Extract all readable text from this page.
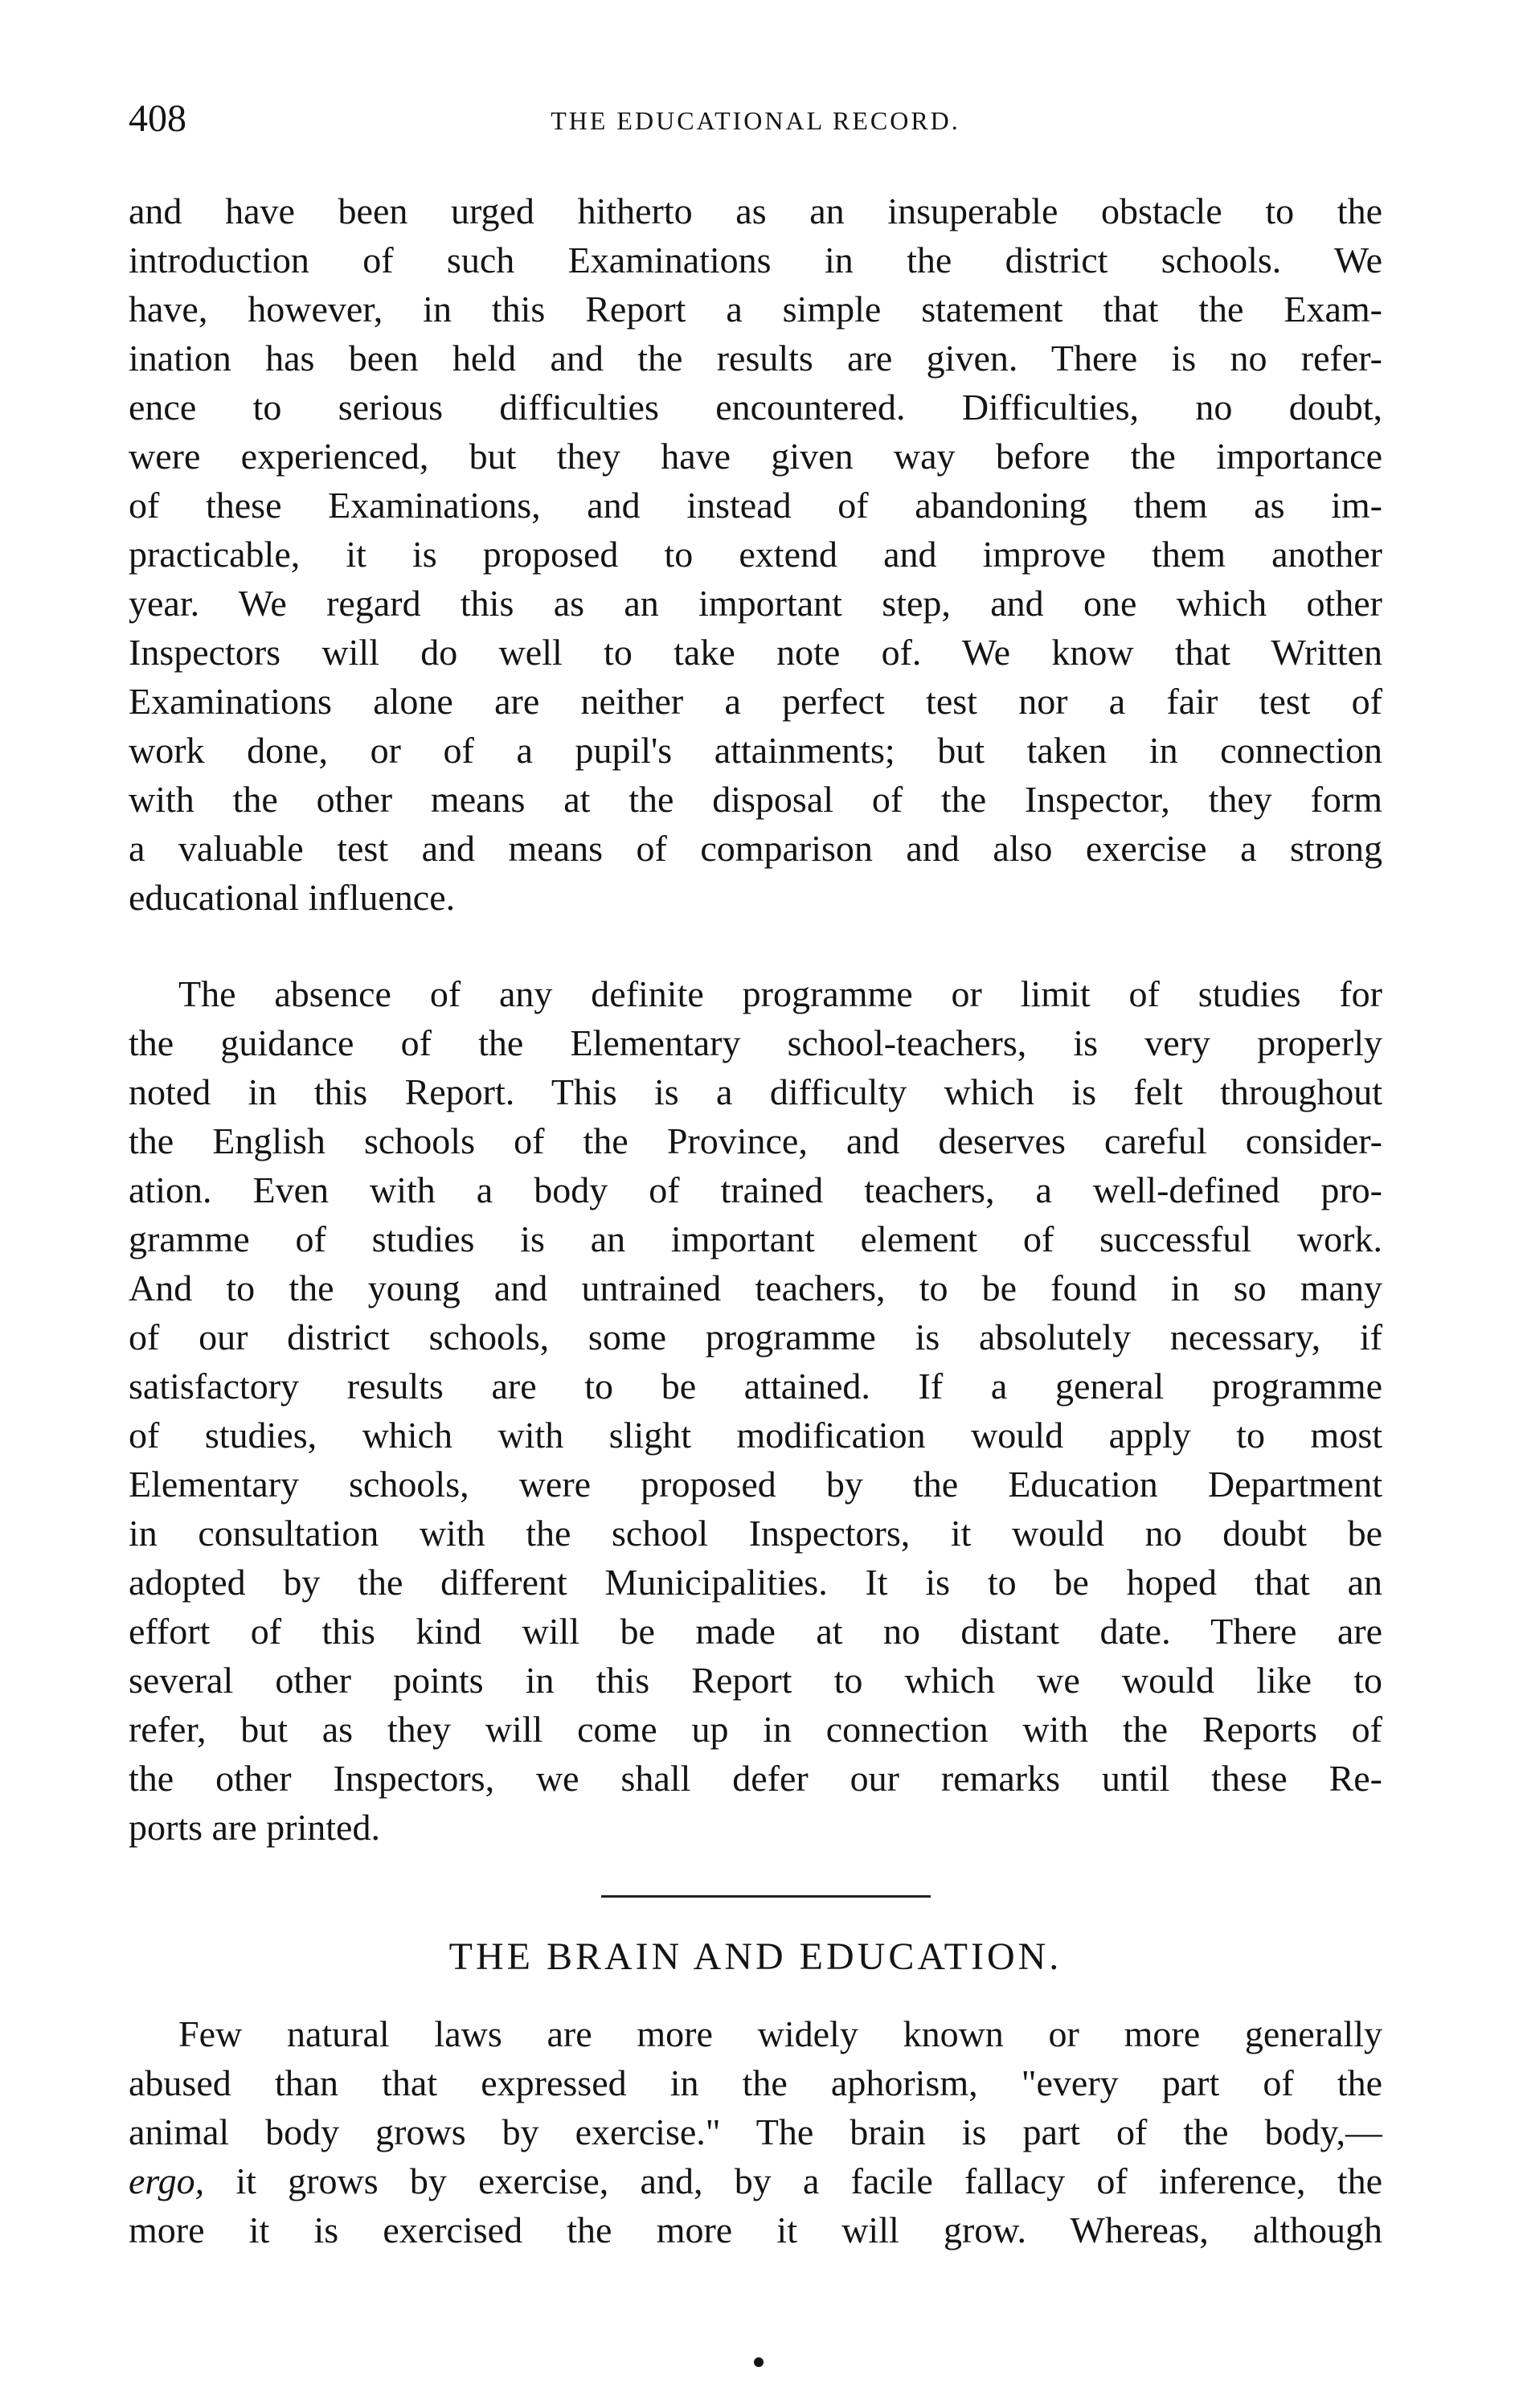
408	THE EDUCATIONAL RECORD.
and have been urged hitherto as an insuperable obstacle to the
introduction of such Examinations in the district schools. We
have, however, in this Report a simple statement that the Exam-
ination has been held and the results are given. There is no refer-
ence to serious difficulties encountered. Difficulties, no doubt,
were experienced, but they have given way before the importance
of these Examinations, and instead of abandoning them as im-
practicable, it is proposed to extend and improve them another
year. We regard this as an important step, and one which other
Inspectors will do well to take note of. We know that Written
Examinations alone are neither a perfect test nor a fair test of
work done, or of a pupil's attainments; but taken in connection
with the other means at the disposal of the Inspector, they form
a valuable test and means of comparison and also exercise a strong
educational influence.
The absence of any definite programme or limit of studies for
the guidance of the Elementary school-teachers, is very properly
noted in this Report. This is a difficulty which is felt throughout
the English schools of the Province, and deserves careful consider-
ation. Even with a body of trained teachers, a well-defined pro-
gramme of studies is an important element of successful work.
And to the young and untrained teachers, to be found in so many
of our district schools, some programme is absolutely necessary, if
satisfactory results are to be attained. If a general programme
of studies, which with slight modification would apply to most
Elementary schools, were proposed by the Education Department
in consultation with the school Inspectors, it would no doubt be
adopted by the different Municipalities. It is to be hoped that an
effort of this kind will be made at no distant date. There are
several other points in this Report to which we would like to
refer, but as they will come up in connection with the Reports of
the other Inspectors, we shall defer our remarks until these Re-
ports are printed.
THE BRAIN AND EDUCATION.
Few natural laws are more widely known or more generally
abused than that expressed in the aphorism, "every part of the
animal body grows by exercise." The brain is part of the body,—
ergo, it grows by exercise, and, by a facile fallacy of inference, the
more it is exercised the more it will grow. Whereas, although
